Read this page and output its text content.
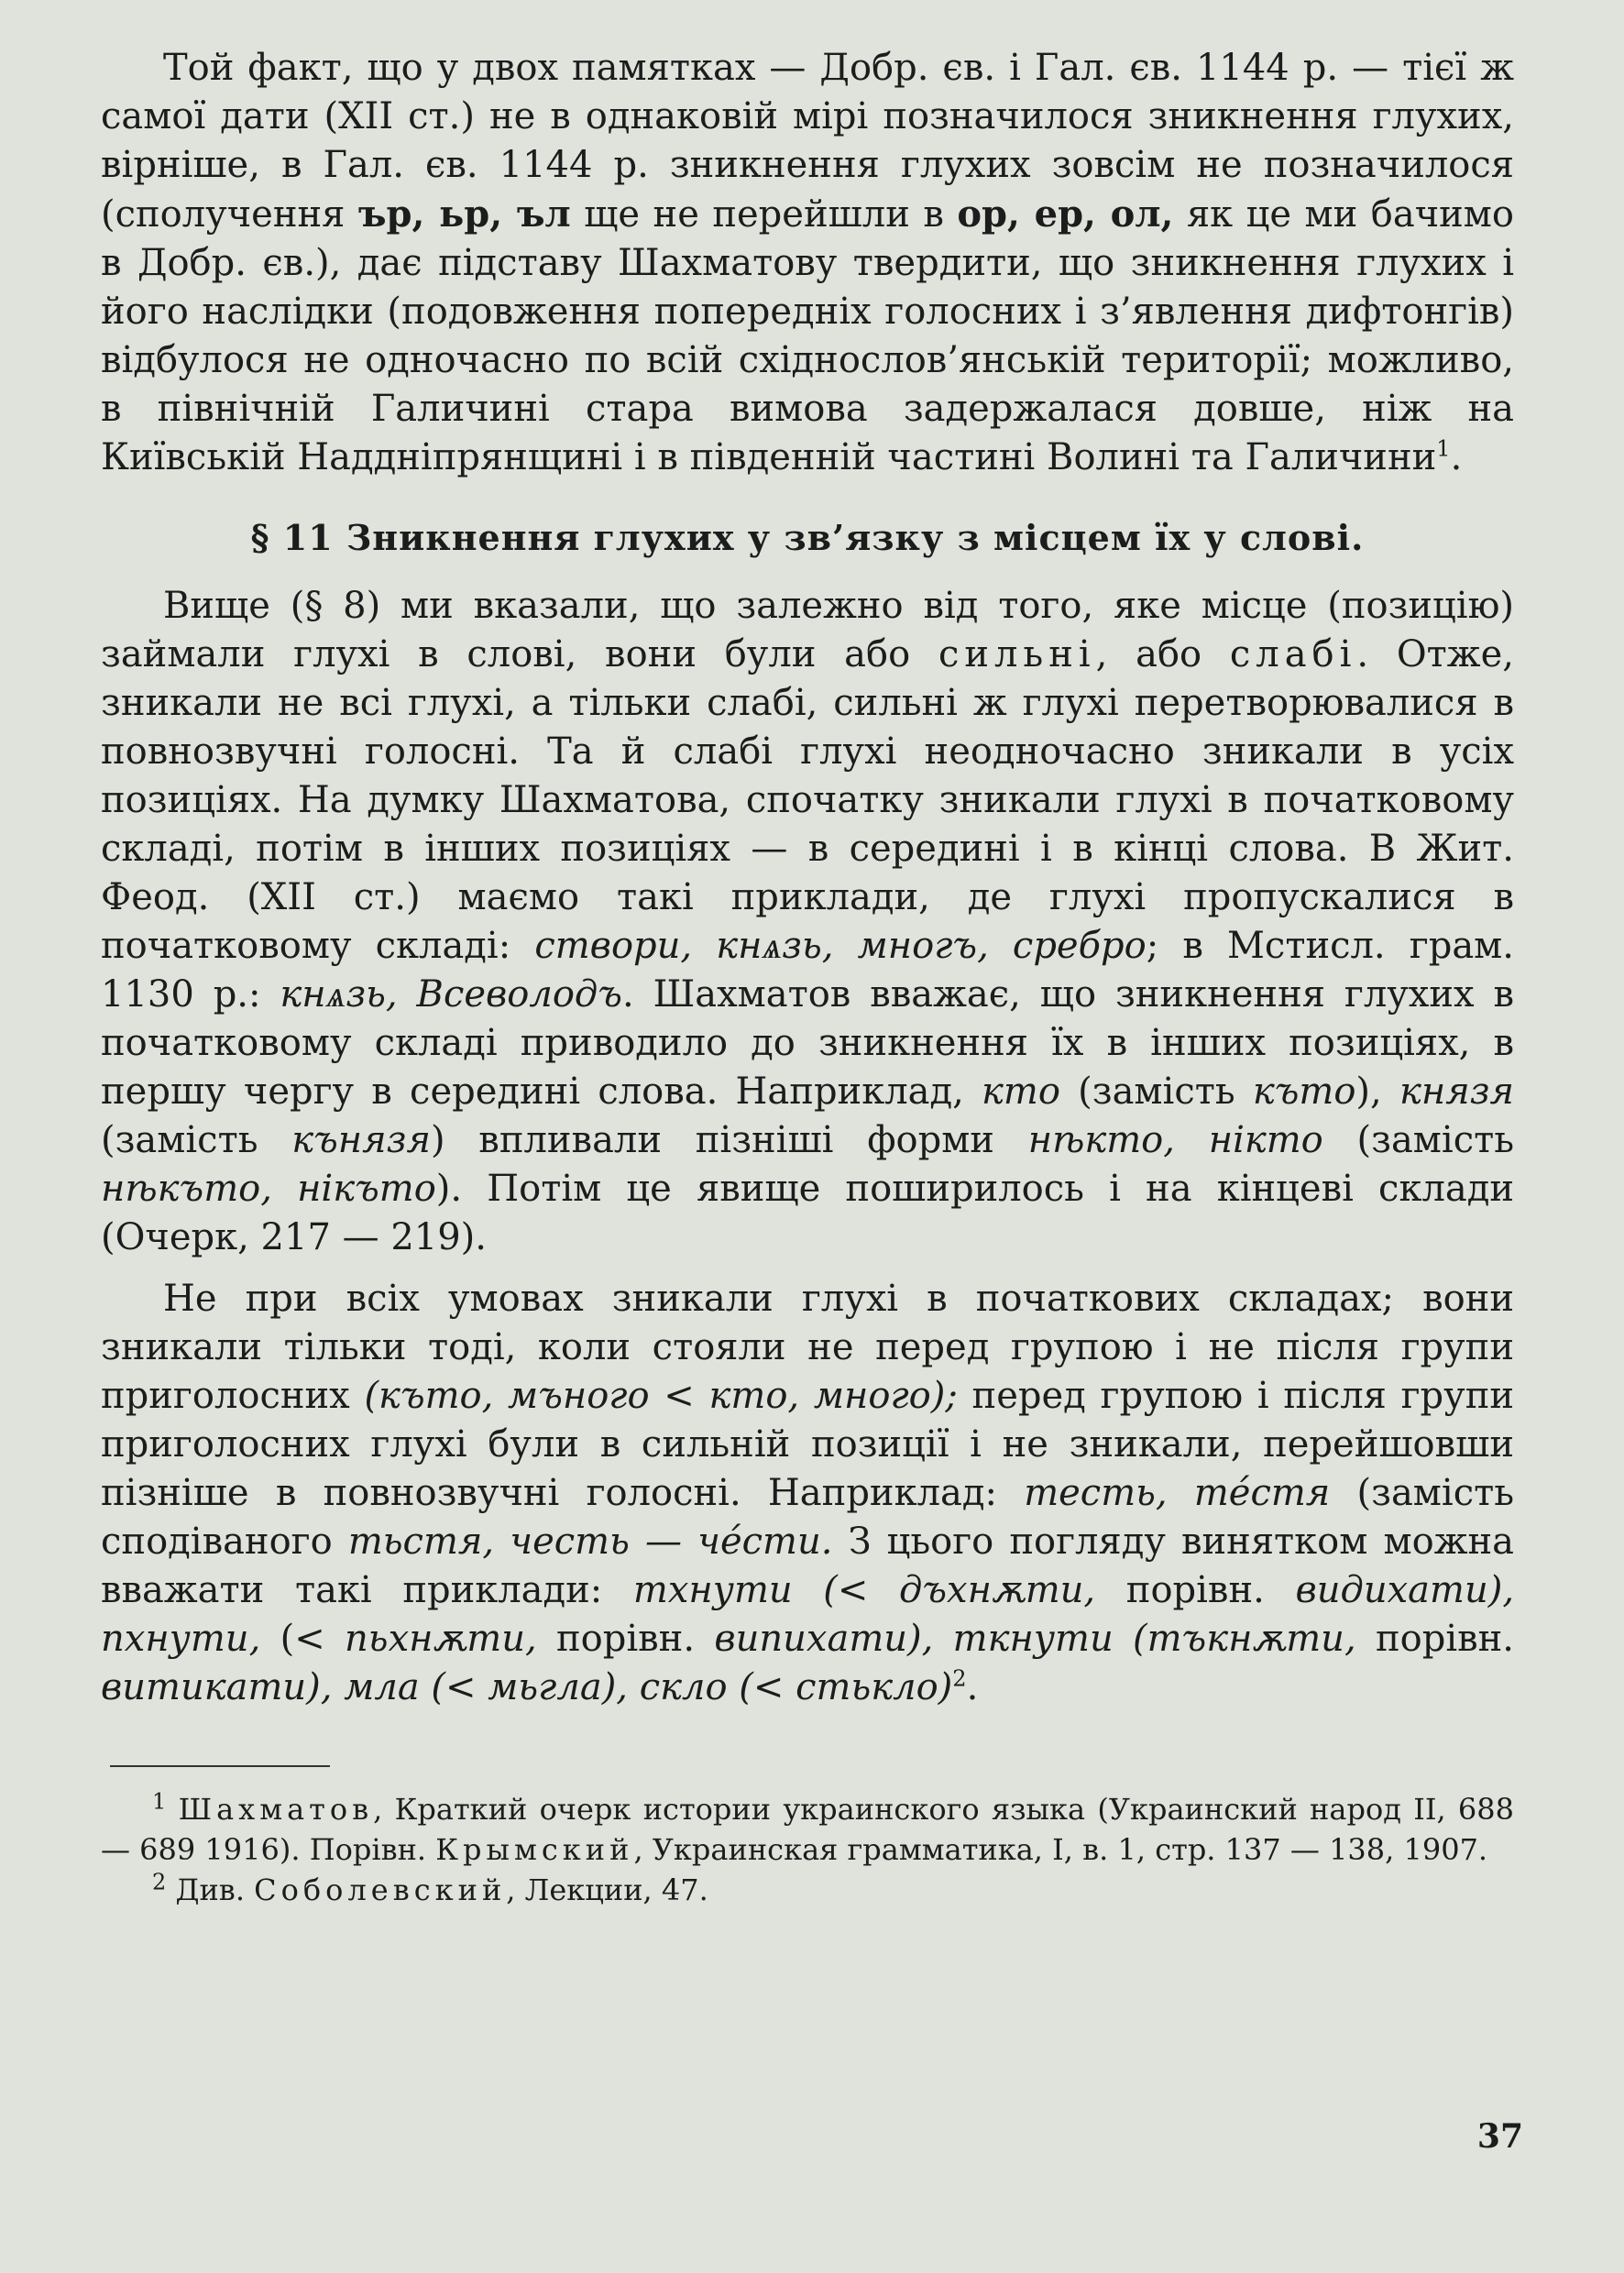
Той факт, що у двох памятках — Добр. єв. і Гал. єв. 1144 р. — тієї ж самої дати (XII ст.) не в однаковій мірі позначилося зникнення глухих, вірніше, в Гал. єв. 1144 р. зникнення глухих зовсім не позначилося (сполучення ър, ьр, ъл ще не перейшли в ор, ер, ол, як це ми бачимо в Добр. єв.), дає підставу Шахматову твердити, що зникнення глухих і його наслідки (подовження попередніх голосних і з’явлення дифтонгів) відбулося не одночасно по всій східнослов’янській території; можливо, в північній Галичині стара вимова задержалася довше, ніж на Київській Наддніпрянщині і в південній частині Волині та Галичини$^1$.

§ 11 Зникнення глухих у зв’язку з місцем їх у слові.

Вище (§ 8) ми вказали, що залежно від того, яке місце (позицію) займали глухі в слові, вони були або сильні, або слабі. Отже, зникали не всі глухі, а тільки слабі, сильні ж глухі перетворювалися в повнозвучні голосні. Та й слабі глухі неодночасно зникали в усіх позиціях. На думку Шахматова, спочатку зникали глухі в початковому складі, потім в інших позиціях — в середині і в кінці слова. В Жит. Феод. (XII ст.) маємо такі приклади, де глухі пропускалися в початковому складі: створи, кнѧзь, многъ, сребро; в Мстисл. грам. 1130 р.: кнѧзь, Всеволодъ. Шахматов вважає, що зникнення глухих в початковому складі приводило до зникнення їх в інших позиціях, в першу чергу в середині слова. Наприклад, кто (замість къто), князя (замість кънязя) впливали пізніші форми нѣкто, нікто (замість нѣкъто, нікъто). Потім це явище поширилось і на кінцеві склади (Очерк, 217 — 219).

Не при всіх умовах зникали глухі в початкових складах; вони зникали тільки тоді, коли стояли не перед групою і не після групи приголосних (къто, мъного < кто, много); перед групою і після групи приголосних глухі були в сильній позиції і не зникали, перейшовши пізніше в повнозвучні голосні. Наприклад: тесть, те́стя (замість сподіваного тьстя, честь — че́сти. З цього погляду винятком можна вважати такі приклади: тхнути (< дъхнѫти, порівн. видихати), пхнути, (< пьхнѫти, порівн. випихати), ткнути (тъкнѫти, порівн. витикати), мла (< мьгла), скло (< стькло)$^2$.

$^1$ Шахматов, Краткий очерк истории украинского языка (Украинский народ II, 688 — 689 1916). Порівн. Крымский, Украинская грамматика, I, в. 1, стр. 137 — 138, 1907.

$^2$ Див. Соболевский, Лекции, 47.

37
